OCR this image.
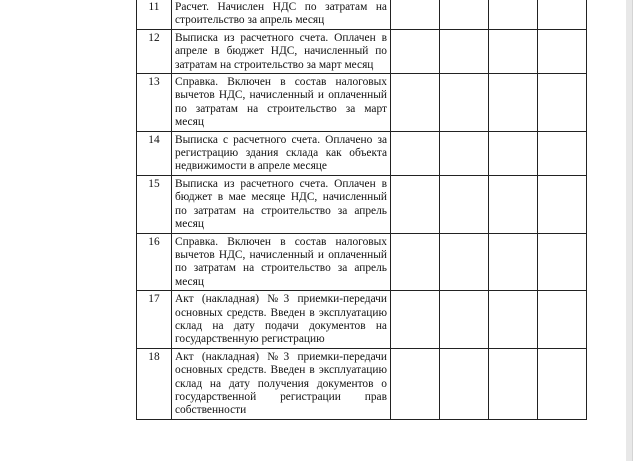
11	Расчет. Начислен НДС по затратам на строительство за апрель месяц				
12	Выписка из расчетного счета. Оплачен в апреле в бюджет НДС, начисленный по затратам на строительство за март месяц				
13	Справка. Включен в состав налоговых вычетов НДС, начисленный и оплаченный по затратам на строительство за март месяц				
14	Выписка с расчетного счета. Оплачено за регистрацию здания склада как объекта недвижимости в апреле месяце				
15	Выписка из расчетного счета. Оплачен в бюджет в мае месяце НДС, начисленный по затратам на строительство за апрель месяц				
16	Справка. Включен в состав налоговых вычетов НДС, начисленный и оплаченный по затратам на строительство за апрель месяц				
17	Акт (накладная) №3 приемки-передачи основных средств. Введен в эксплуатацию склад на дату подачи документов на государственную регистрацию				
18	Акт (накладная) №3 приемки-передачи основных средств. Введен в эксплуатацию склад на дату получения документов о государственной регистрации прав собственности				
